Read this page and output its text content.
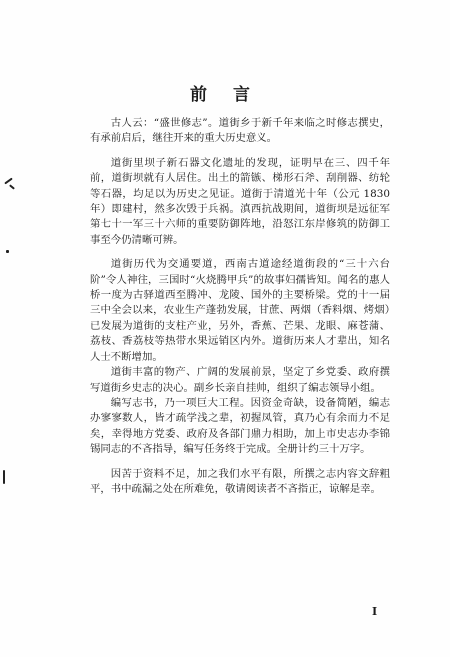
前 言

古人云：“盛世修志”。道街乡于新千年来临之时修志撰史，有承前启后，继往开来的重大历史意义。

道街里坝子新石器文化遗址的发现，证明早在三、四千年前，道街坝就有人居住。出土的箭镞、梯形石斧、刮削器、纺轮等石器，均足以为历史之见证。道街于清道光十年（公元 1830年）即建村，然多次毁于兵祸。滇西抗战期间，道街坝是远征军第七十一军三十六师的重要防御阵地，沿怒江东岸修筑的防御工事至今仍清晰可辨。

道街历代为交通要道，西南古道途经道街段的“三十六台阶”令人神往，三国时“火烧腾甲兵”的故事妇孺皆知。闻名的惠人桥一度为古驿道西至腾冲、龙陵、国外的主要桥梁。党的十一届三中全会以来，农业生产蓬勃发展，甘蔗、两烟（香料烟、烤烟）已发展为道街的支柱产业，另外，香蕉、芒果、龙眼、麻苍蒲、荔枝、香荔枝等热带水果远销区内外。道街历来人才辈出，知名人士不断增加。

道街丰富的物产、广阔的发展前景，坚定了乡党委、政府撰写道街乡史志的决心。副乡长亲自挂帅，组织了编志领导小组。

编写志书，乃一项巨大工程。因资金奇缺，设备简陋，编志办寥寥数人，皆才疏学浅之辈，初握凤管，真乃心有余而力不足矣，幸得地方党委、政府及各部门鼎力相助，加上市史志办李锦锡同志的不吝指导，编写任务终于完成。全册计约三十万字。

因苦于资料不足，加之我们水平有限，所撰之志内容文辞粗平，书中疏漏之处在所难免，敬请阅读者不吝指正，谅解是幸。

I
